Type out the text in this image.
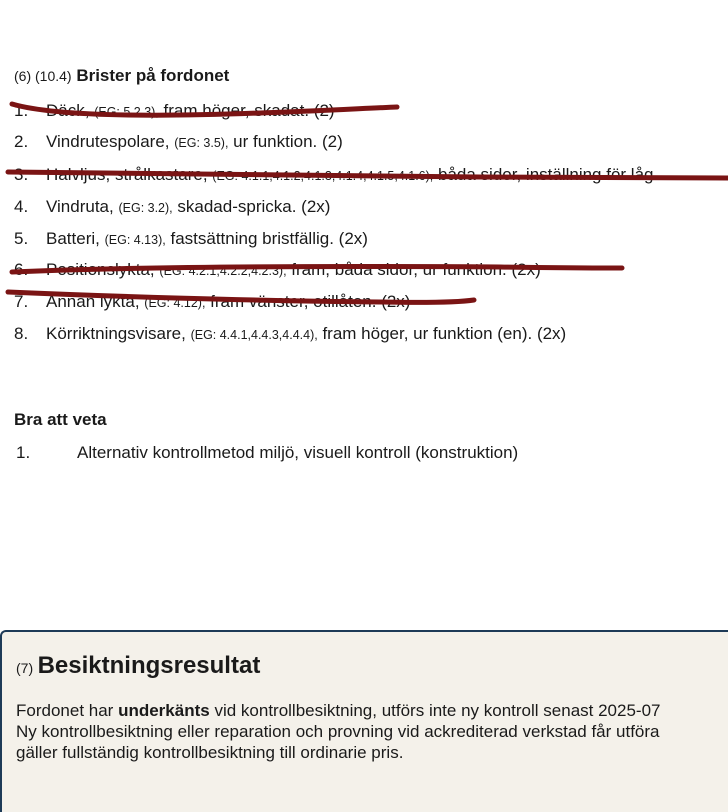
(6) (10.4) Brister på fordonet
1. Däck, (EG: 5.2.3), fram höger, skadat. (2)
2. Vindrutespolare, (EG: 3.5), ur funktion. (2)
3. Halvljus, strålkastare, (EG: 4.1.1,4.1.2,4.1.3,4.1.4,4.1.5,4.1.6), båda sidor, inställning för låg
4. Vindruta, (EG: 3.2), skadad-spricka. (2x)
5. Batteri, (EG: 4.13), fastsättning bristfällig. (2x)
6. Positionslykta, (EG: 4.2.1,4.2.2,4.2.3), fram, båda sidor, ur funktion. (2x)
7. Annan lykta, (EG: 4.12), fram vänster, otillåten. (2x)
8. Körriktningsvisare, (EG: 4.4.1,4.4.3,4.4.4), fram höger, ur funktion (en). (2x)
Bra att veta
1.	Alternativ kontrollmetod miljö, visuell kontroll (konstruktion)
(7) Besiktningsresultat
Fordonet har underkänts vid kontrollbesiktning, utförs inte ny kontroll senast 2025-07
Ny kontrollbesiktning eller reparation och provning vid ackrediterad verkstad får utföra
gäller fullständig kontrollbesiktning till ordinarie pris.
